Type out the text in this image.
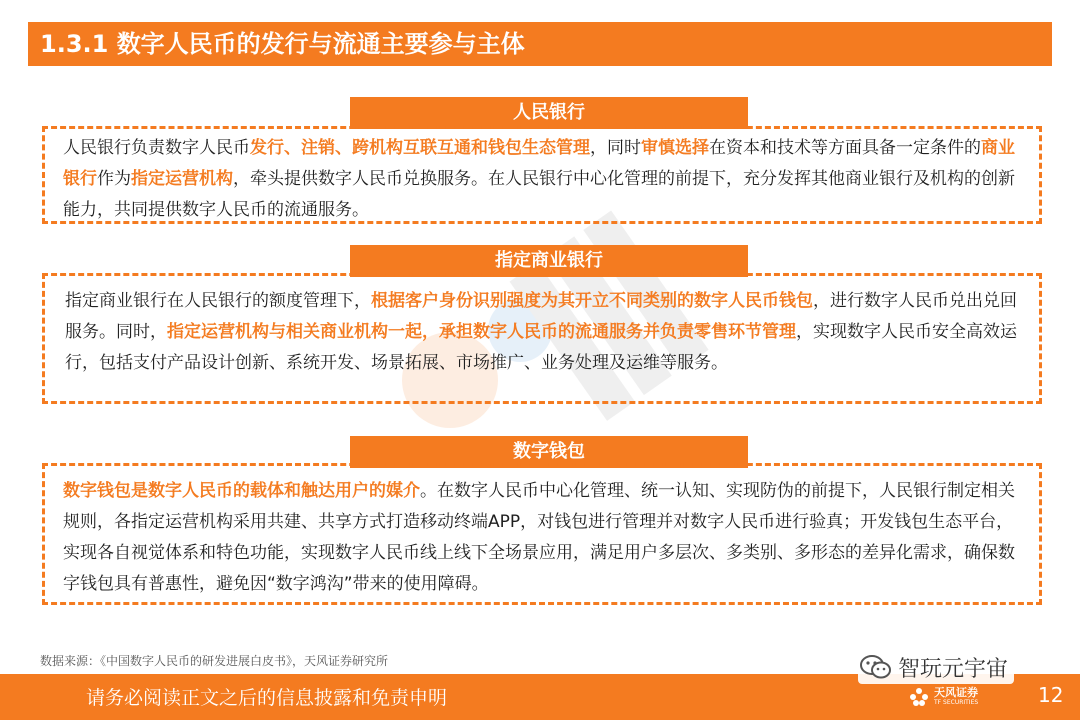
1.3.1 数字人民币的发行与流通主要参与主体
人民银行

人民银行负责数字人民币发行、注销、跨机构互联互通和钱包生态管理，同时审慎选择在资本和技术等方面具备一定条件的商业银行作为指定运营机构，牵头提供数字人民币兑换服务。在人民银行中心化管理的前提下，充分发挥其他商业银行及机构的创新能力，共同提供数字人民币的流通服务。

指定商业银行

指定商业银行在人民银行的额度管理下，根据客户身份识别强度为其开立不同类别的数字人民币钱包，进行数字人民币兑出兑回服务。同时，指定运营机构与相关商业机构一起，承担数字人民币的流通服务并负责零售环节管理，实现数字人民币安全高效运行，包括支付产品设计创新、系统开发、场景拓展、市场推广、业务处理及运维等服务。

数字钱包

数字钱包是数字人民币的载体和触达用户的媒介。在数字人民币中心化管理、统一认知、实现防伪的前提下，人民银行制定相关规则，各指定运营机构采用共建、共享方式打造移动终端APP，对钱包进行管理并对数字人民币进行验真；开发钱包生态平台，实现各自视觉体系和特色功能，实现数字人民币线上线下全场景应用，满足用户多层次、多类别、多形态的差异化需求，确保数字钱包具有普惠性，避免因“数字鸿沟”带来的使用障碍。

数据来源：《中国数字人民币的研发进展白皮书》，天风证券研究所
请务必阅读正文之后的信息披露和免责申明
智玩元宇宙
天风证券
TF SECURITIES	12
